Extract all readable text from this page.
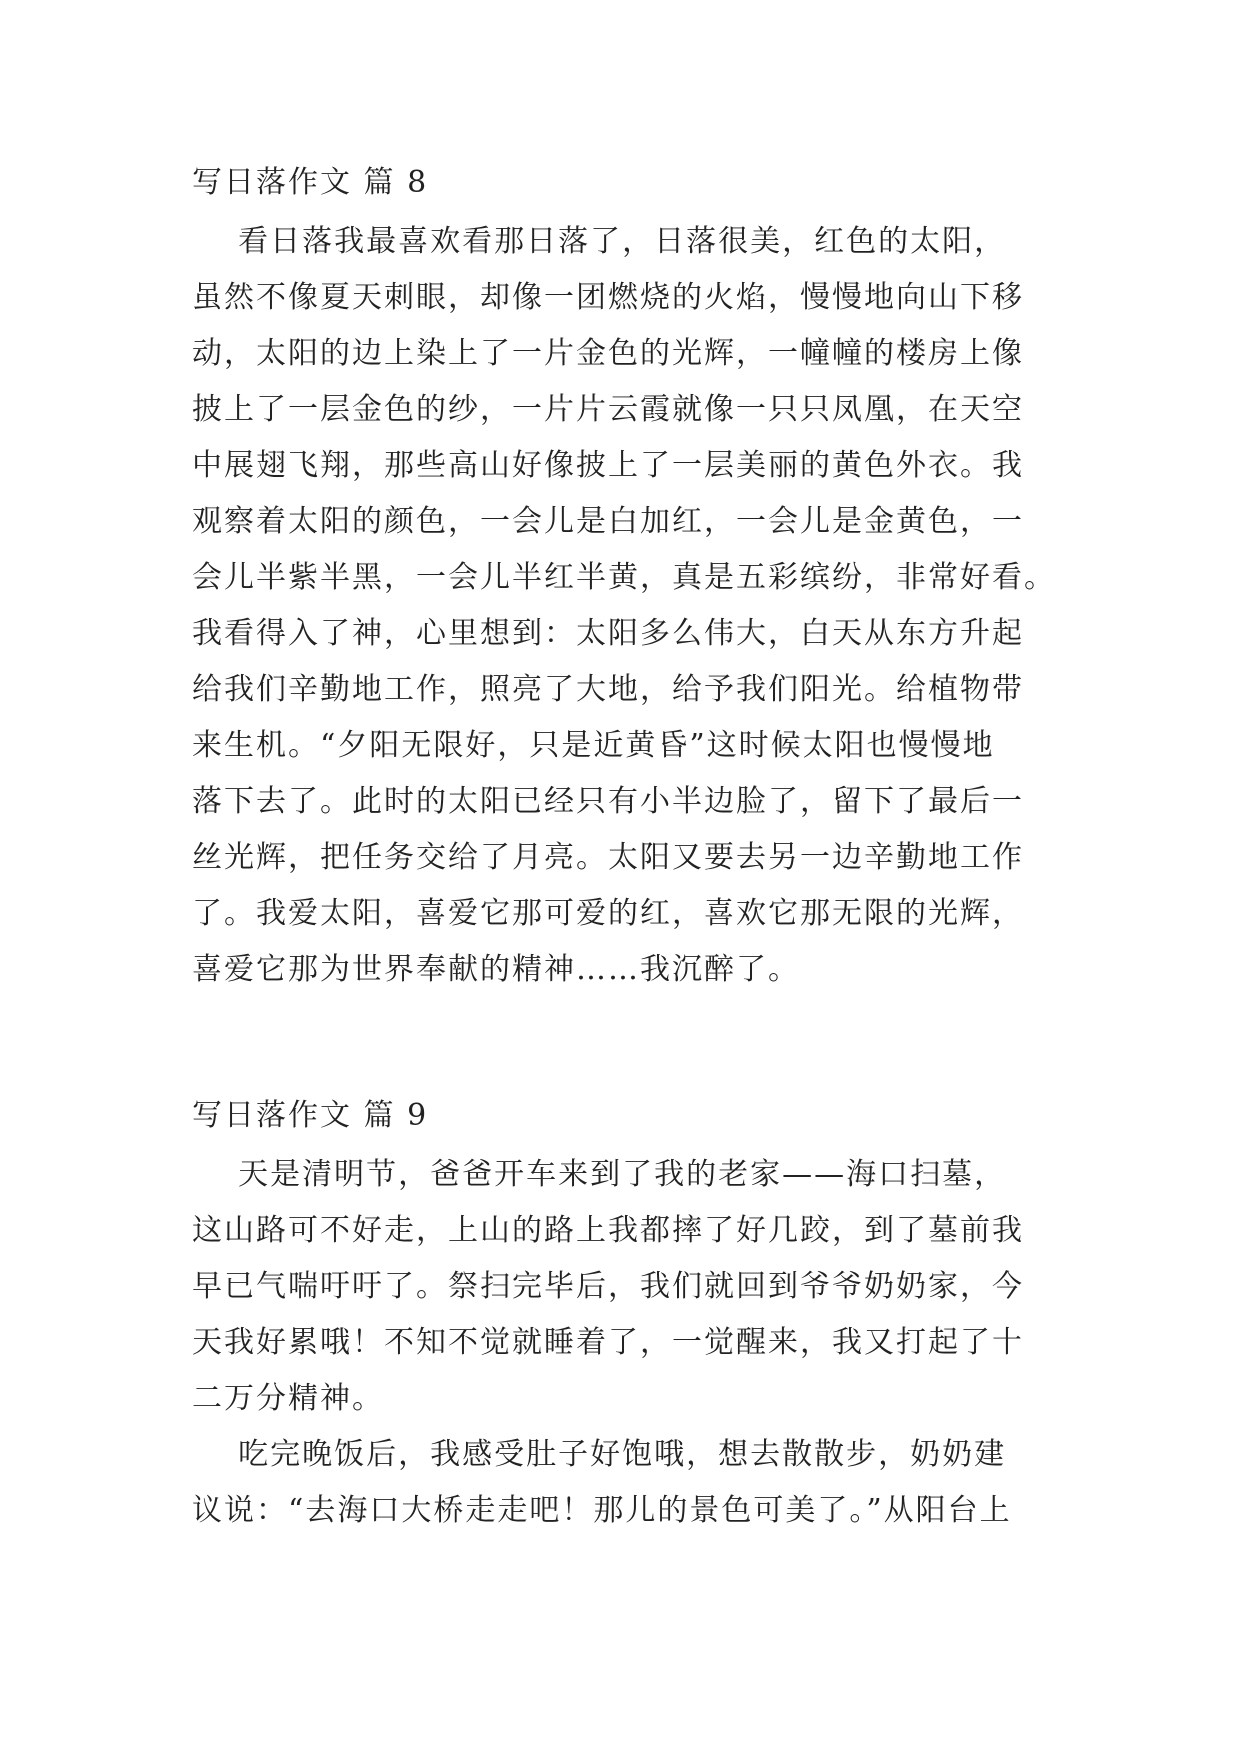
写日落作文 篇 8
看日落我最喜欢看那日落了，日落很美，红色的太阳，
虽然不像夏天刺眼，却像一团燃烧的火焰，慢慢地向山下移
动，太阳的边上染上了一片金色的光辉，一幢幢的楼房上像
披上了一层金色的纱，一片片云霞就像一只只凤凰，在天空
中展翅飞翔，那些高山好像披上了一层美丽的黄色外衣。我
观察着太阳的颜色，一会儿是白加红，一会儿是金黄色，一
会儿半紫半黑，一会儿半红半黄，真是五彩缤纷，非常好看。
我看得入了神，心里想到：太阳多么伟大，白天从东方升起
给我们辛勤地工作，照亮了大地，给予我们阳光。给植物带
来生机。“夕阳无限好，只是近黄昏”这时候太阳也慢慢地
落下去了。此时的太阳已经只有小半边脸了，留下了最后一
丝光辉，把任务交给了月亮。太阳又要去另一边辛勤地工作
了。我爱太阳，喜爱它那可爱的红，喜欢它那无限的光辉，
喜爱它那为世界奉献的精神……我沉醉了。
写日落作文 篇 9
天是清明节，爸爸开车来到了我的老家——海口扫墓，
这山路可不好走，上山的路上我都摔了好几跤，到了墓前我
早已气喘吁吁了。祭扫完毕后，我们就回到爷爷奶奶家，今
天我好累哦！不知不觉就睡着了，一觉醒来，我又打起了十
二万分精神。
吃完晚饭后，我感受肚子好饱哦，想去散散步，奶奶建
议说：“去海口大桥走走吧！那儿的景色可美了。”从阳台上
